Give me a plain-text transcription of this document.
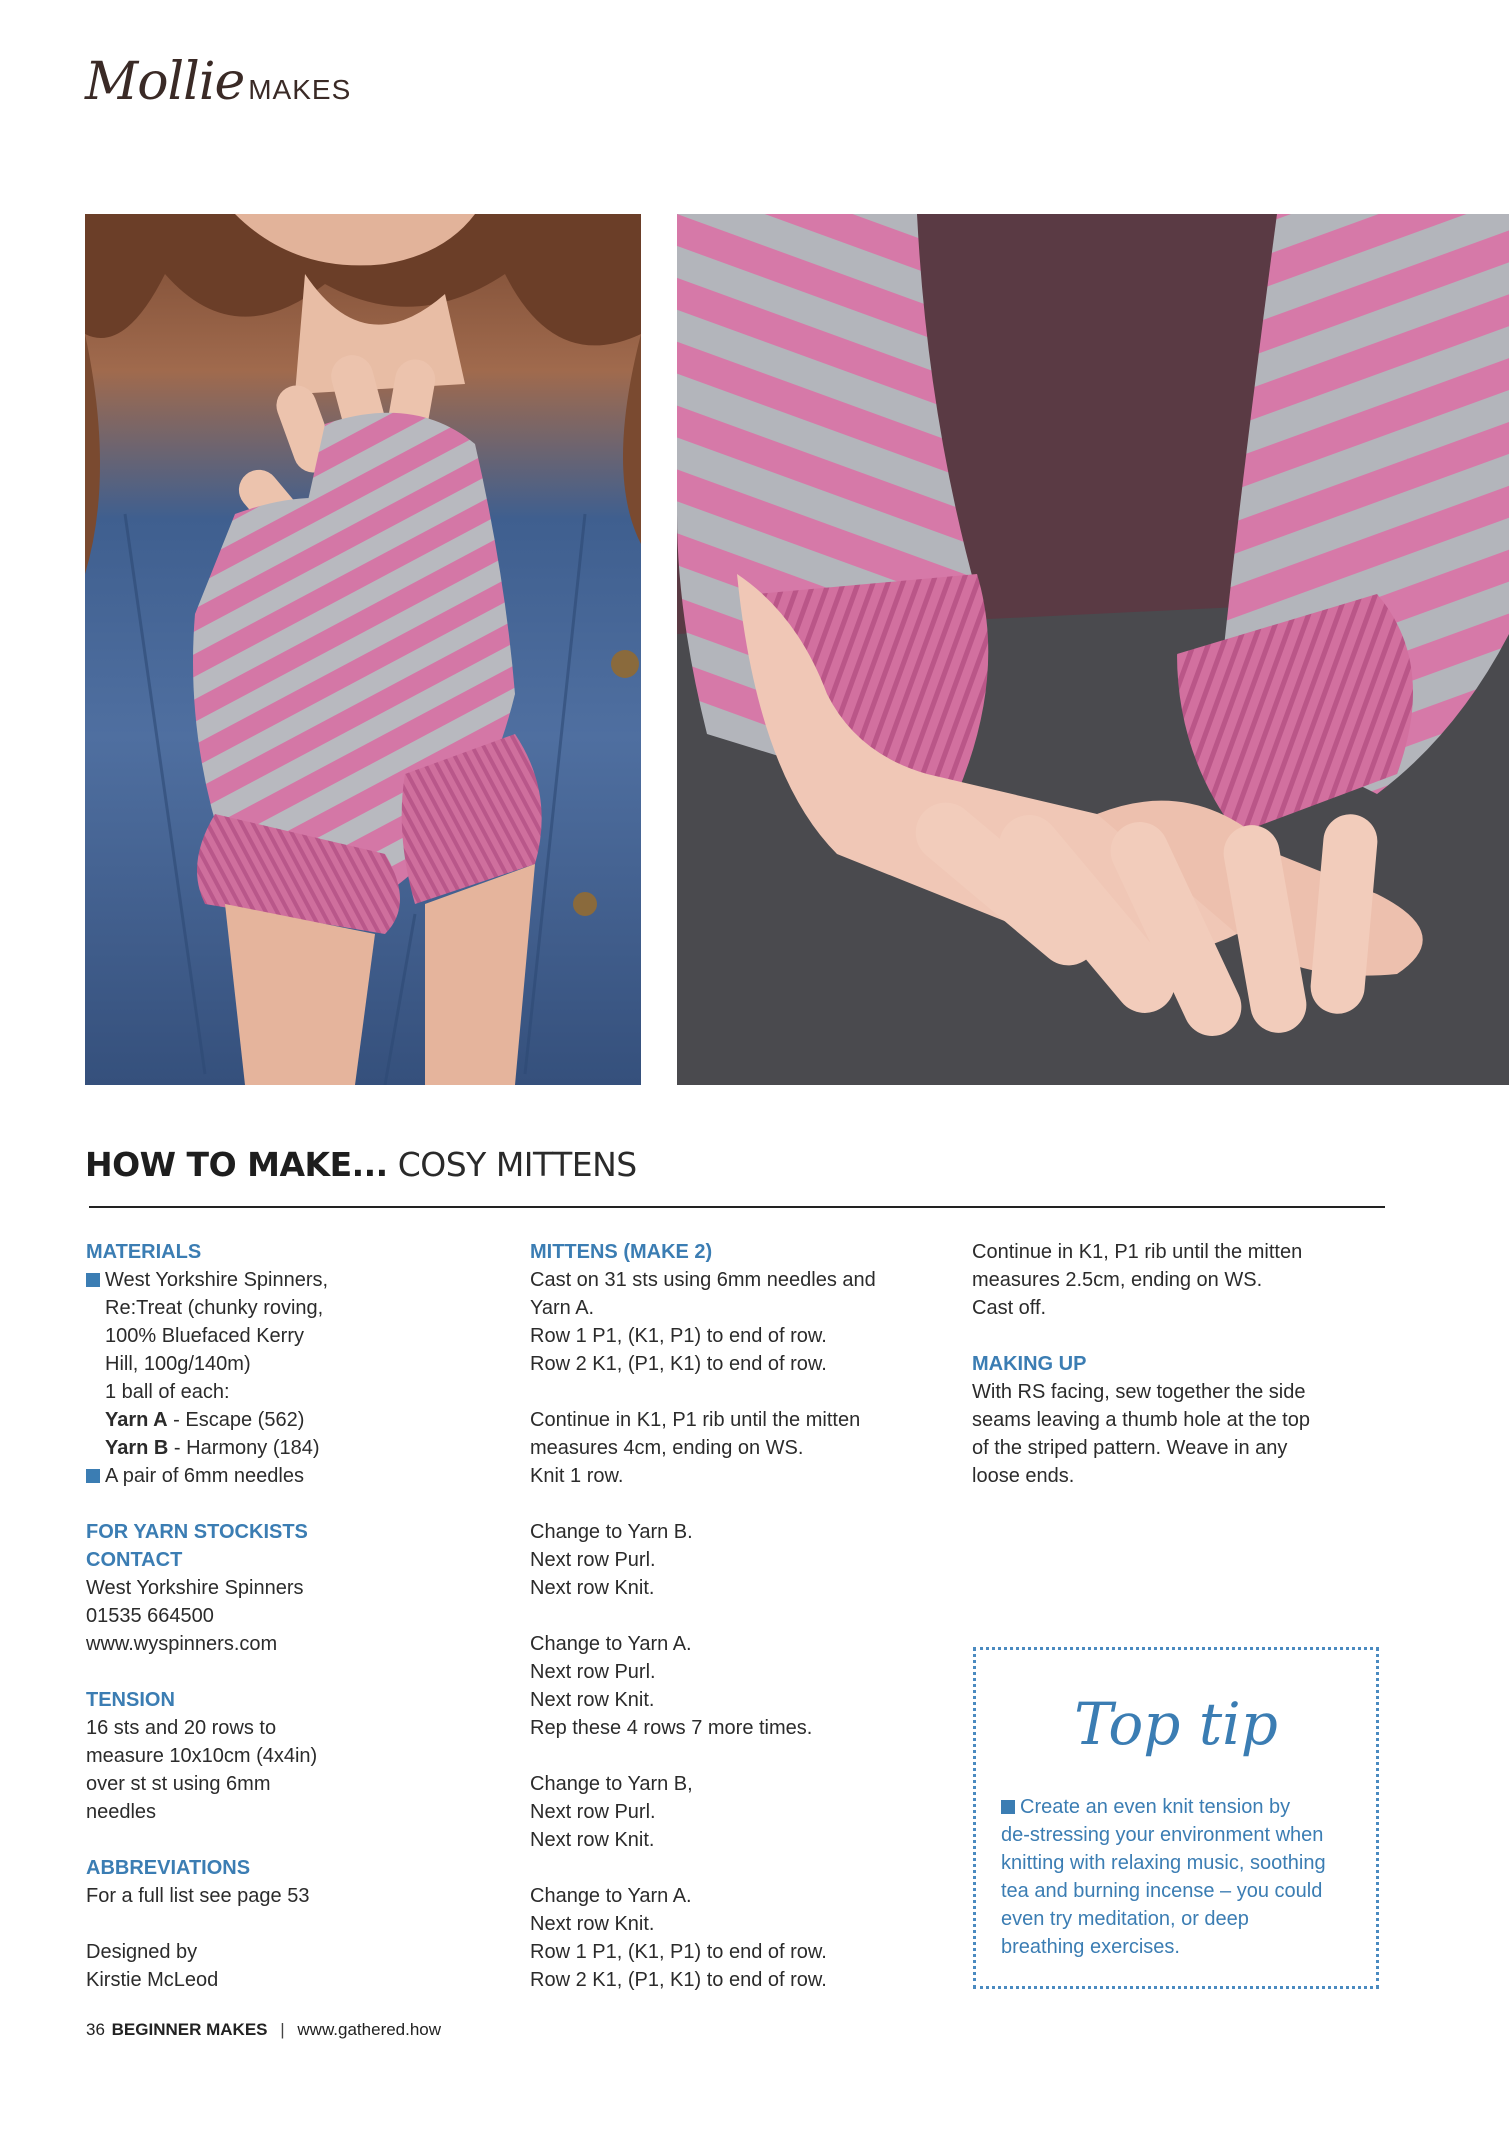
Mollie MAKES
HOW TO MAKE... COSY MITTENS
MATERIALS
West Yorkshire Spinners,
Re:Treat (chunky roving,
100% Bluefaced Kerry
Hill, 100g/140m)
1 ball of each:
Yarn A - Escape (562)
Yarn B - Harmony (184)
A pair of 6mm needles
FOR YARN STOCKISTS
CONTACT
West Yorkshire Spinners
01535 664500
www.wyspinners.com
TENSION
16 sts and 20 rows to
measure 10x10cm (4x4in)
over st st using 6mm
needles
ABBREVIATIONS
For a full list see page 53
Designed by
Kirstie McLeod
MITTENS (MAKE 2)
Cast on 31 sts using 6mm needles and
Yarn A.
Row 1 P1, (K1, P1) to end of row.
Row 2 K1, (P1, K1) to end of row.
Continue in K1, P1 rib until the mitten
measures 4cm, ending on WS.
Knit 1 row.
Change to Yarn B.
Next row Purl.
Next row Knit.
Change to Yarn A.
Next row Purl.
Next row Knit.
Rep these 4 rows 7 more times.
Change to Yarn B,
Next row Purl.
Next row Knit.
Change to Yarn A.
Next row Knit.
Row 1 P1, (K1, P1) to end of row.
Row 2 K1, (P1, K1) to end of row.
Continue in K1, P1 rib until the mitten
measures 2.5cm, ending on WS.
Cast off.
MAKING UP
With RS facing, sew together the side
seams leaving a thumb hole at the top
of the striped pattern. Weave in any
loose ends.
Top tip
Create an even knit tension by
de-stressing your environment when
knitting with relaxing music, soothing
tea and burning incense – you could
even try meditation, or deep
breathing exercises.
36 BEGINNER MAKES | www.gathered.how
